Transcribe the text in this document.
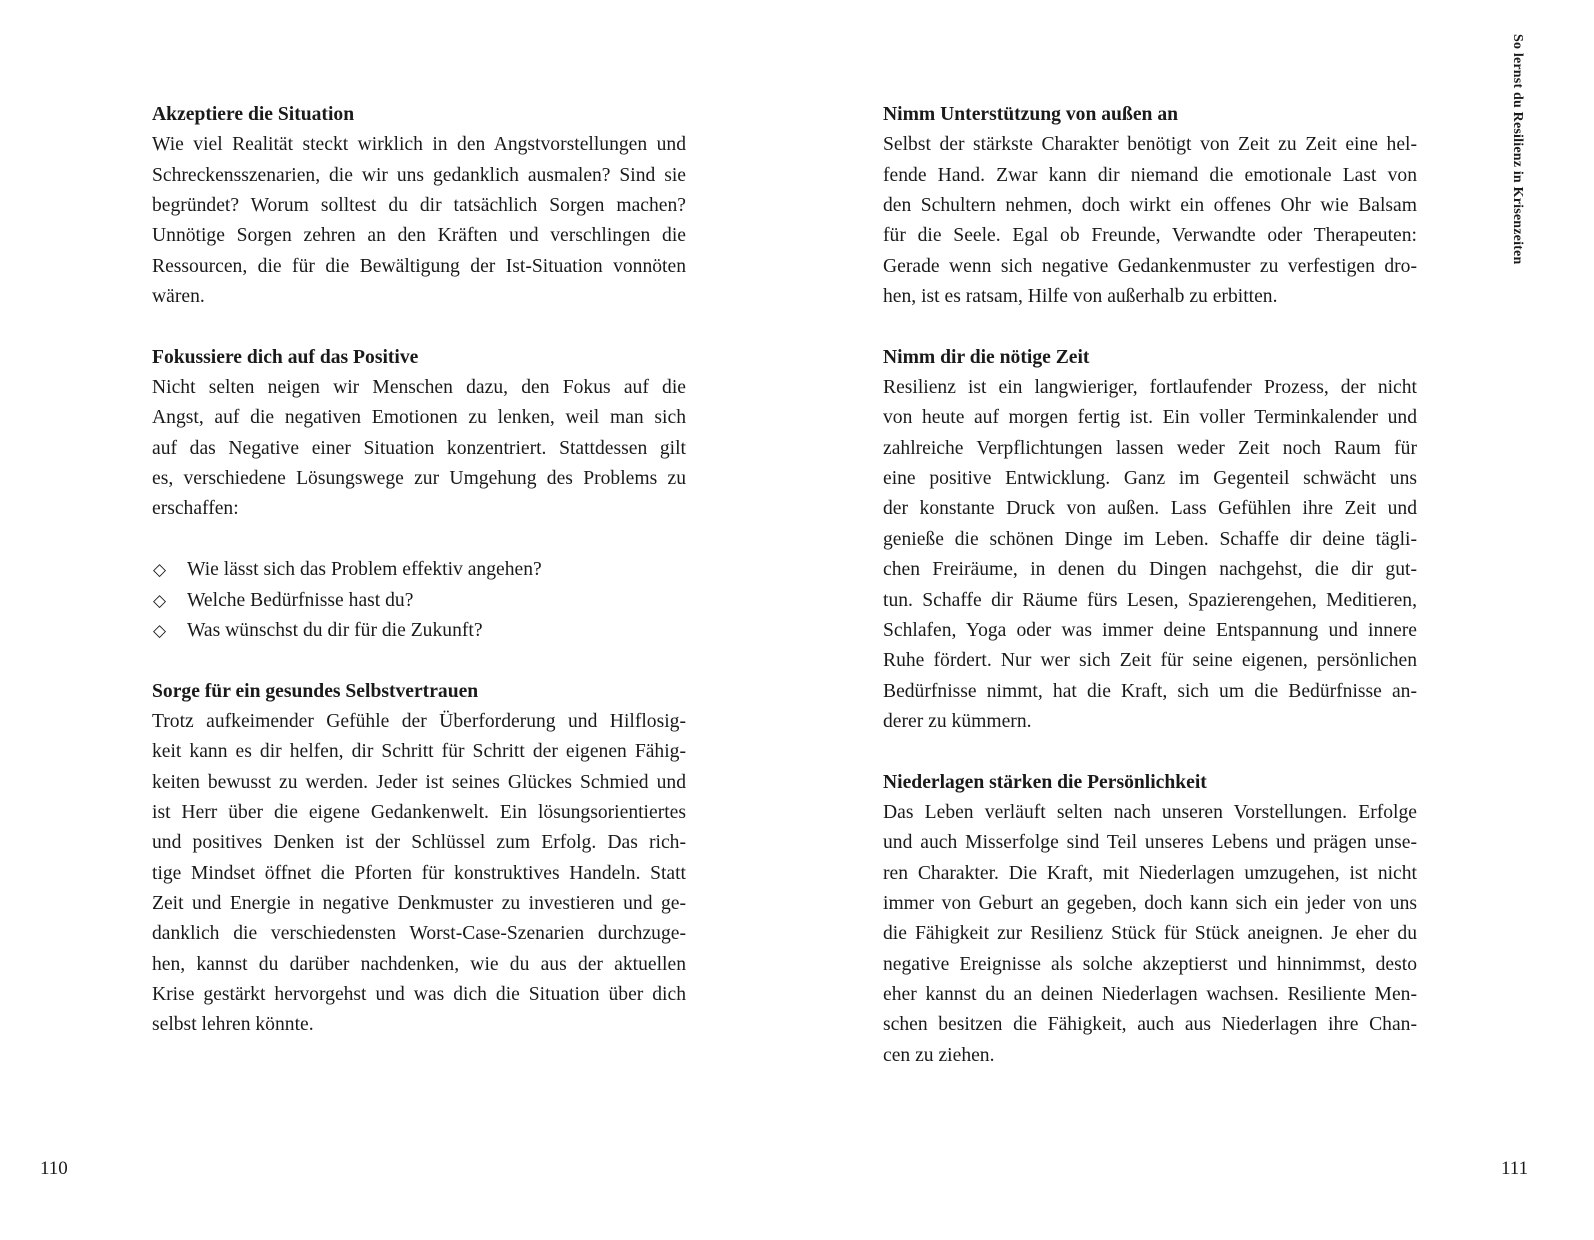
So lernst du Resilienz in Krisenzeiten
Akzeptiere die Situation
Wie viel Realität steckt wirklich in den Angstvorstellungen und
Schreckensszenarien, die wir uns gedanklich ausmalen? Sind sie
begründet? Worum solltest du dir tatsächlich Sorgen machen?
Unnötige Sorgen zehren an den Kräften und verschlingen die
Ressourcen, die für die Bewältigung der Ist-Situation vonnöten
wären.
Fokussiere dich auf das Positive
Nicht selten neigen wir Menschen dazu, den Fokus auf die
Angst, auf die negativen Emotionen zu lenken, weil man sich
auf das Negative einer Situation konzentriert. Stattdessen gilt
es, verschiedene Lösungswege zur Umgehung des Problems zu
erschaffen:
◇ Wie lässt sich das Problem effektiv angehen?
◇ Welche Bedürfnisse hast du?
◇ Was wünschst du dir für die Zukunft?
Sorge für ein gesundes Selbstvertrauen
Trotz aufkeimender Gefühle der Überforderung und Hilflosig-
keit kann es dir helfen, dir Schritt für Schritt der eigenen Fähig-
keiten bewusst zu werden. Jeder ist seines Glückes Schmied und
ist Herr über die eigene Gedankenwelt. Ein lösungsorientiertes
und positives Denken ist der Schlüssel zum Erfolg. Das rich-
tige Mindset öffnet die Pforten für konstruktives Handeln. Statt
Zeit und Energie in negative Denkmuster zu investieren und ge-
danklich die verschiedensten Worst-Case-Szenarien durchzuge-
hen, kannst du darüber nachdenken, wie du aus der aktuellen
Krise gestärkt hervorgehst und was dich die Situation über dich
selbst lehren könnte.
Nimm Unterstützung von außen an
Selbst der stärkste Charakter benötigt von Zeit zu Zeit eine hel-
fende Hand. Zwar kann dir niemand die emotionale Last von
den Schultern nehmen, doch wirkt ein offenes Ohr wie Balsam
für die Seele. Egal ob Freunde, Verwandte oder Therapeuten:
Gerade wenn sich negative Gedankenmuster zu verfestigen dro-
hen, ist es ratsam, Hilfe von außerhalb zu erbitten.
Nimm dir die nötige Zeit
Resilienz ist ein langwieriger, fortlaufender Prozess, der nicht
von heute auf morgen fertig ist. Ein voller Terminkalender und
zahlreiche Verpflichtungen lassen weder Zeit noch Raum für
eine positive Entwicklung. Ganz im Gegenteil schwächt uns
der konstante Druck von außen. Lass Gefühlen ihre Zeit und
genieße die schönen Dinge im Leben. Schaffe dir deine tägli-
chen Freiräume, in denen du Dingen nachgehst, die dir gut-
tun. Schaffe dir Räume fürs Lesen, Spazierengehen, Meditieren,
Schlafen, Yoga oder was immer deine Entspannung und innere
Ruhe fördert. Nur wer sich Zeit für seine eigenen, persönlichen
Bedürfnisse nimmt, hat die Kraft, sich um die Bedürfnisse an-
derer zu kümmern.
Niederlagen stärken die Persönlichkeit
Das Leben verläuft selten nach unseren Vorstellungen. Erfolge
und auch Misserfolge sind Teil unseres Lebens und prägen unse-
ren Charakter. Die Kraft, mit Niederlagen umzugehen, ist nicht
immer von Geburt an gegeben, doch kann sich ein jeder von uns
die Fähigkeit zur Resilienz Stück für Stück aneignen. Je eher du
negative Ereignisse als solche akzeptierst und hinnimmst, desto
eher kannst du an deinen Niederlagen wachsen. Resiliente Men-
schen besitzen die Fähigkeit, auch aus Niederlagen ihre Chan-
cen zu ziehen.
110	111
